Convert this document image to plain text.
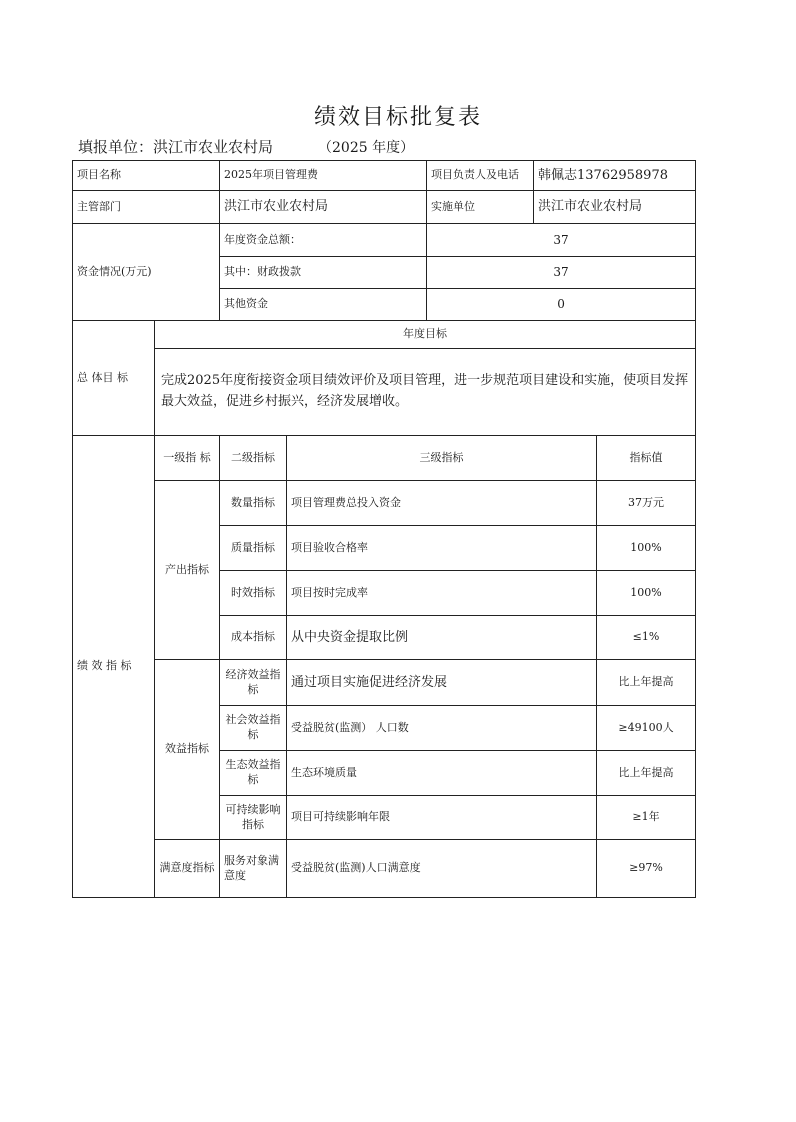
绩效目标批复表
填报单位：洪江市农业农村局	（2025 年度）
项目名称		2025年项目管理费		项目负责人及电话	韩佩志13762958978	
主管部门		洪江市农业农村局		实施单位	洪江市农业农村局	
资金情况(万元)		年度资金总额：		37		
		其中：财政拨款		37		
		其他资金		0		
总 体目 标	年度目标					
	完成2025年度衔接资金项目绩效评价及项目管理，进一步规范项目建设和实施，使项目发挥最大效益，促进乡村振兴，经济发展增收。					
绩 效 指 标	一级指 标	二级指标	三级指标			指标值
	产出指标	数量指标	项目管理费总投入资金			37万元
		质量指标	项目验收合格率			100%
		时效指标	项目按时完成率			100%
		成本指标	从中央资金提取比例			≤1%
	效益指标	经济效益指标	通过项目实施促进经济发展			比上年提高
		社会效益指标	受益脱贫(监测） 人口数			≥49100人
		生态效益指标	生态环境质量			比上年提高
		可持续影响指标	项目可持续影响年限			≥1年
	满意度指标	服务对象满意度	受益脱贫(监测)人口满意度			≥97%
